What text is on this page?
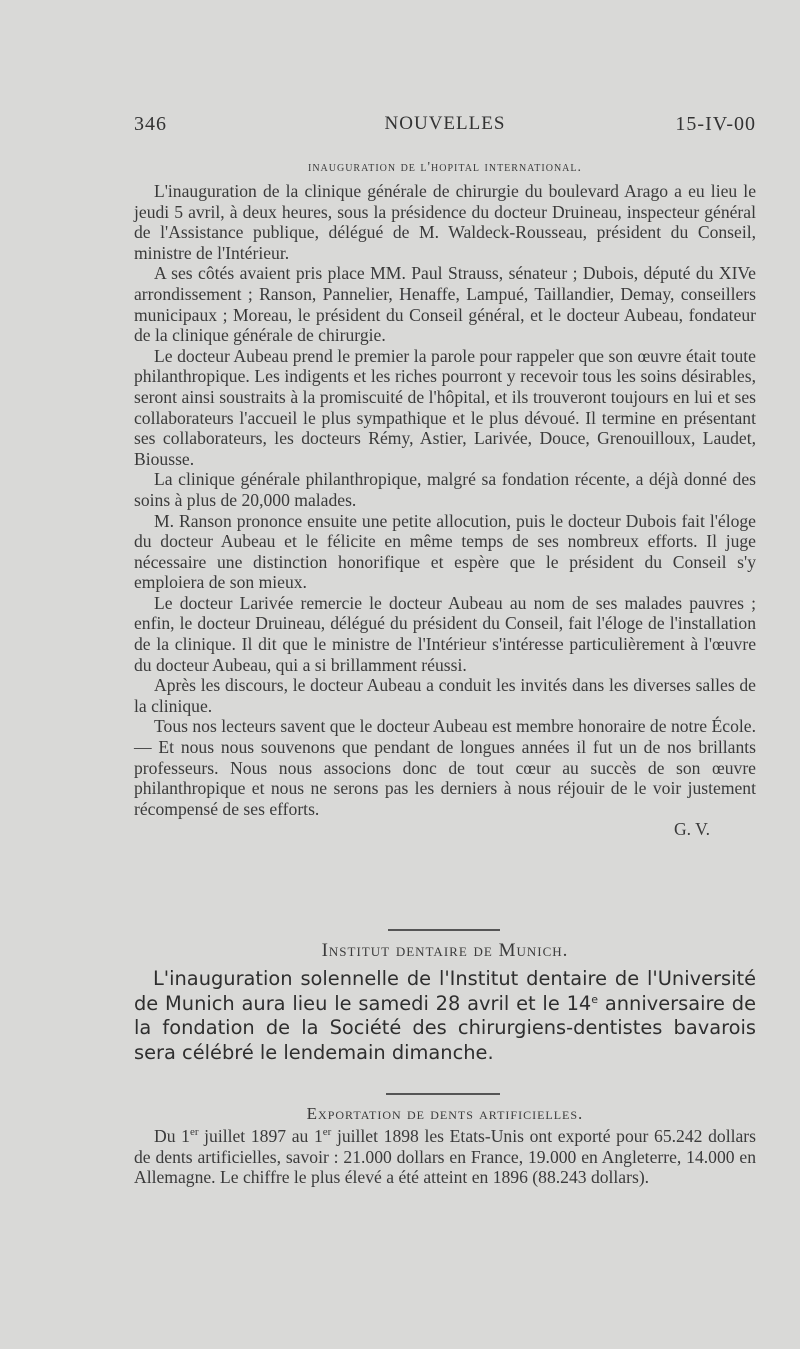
346	NOUVELLES	15-IV-00
inauguration de l'hopital international.

L'inauguration de la clinique générale de chirurgie du boulevard Arago a eu lieu le jeudi 5 avril, à deux heures, sous la présidence du docteur Druineau, inspecteur général de l'Assistance publique, délégué de M. Waldeck-Rousseau, président du Conseil, ministre de l'Intérieur.

A ses côtés avaient pris place MM. Paul Strauss, sénateur ; Dubois, député du XIVe arrondissement ; Ranson, Pannelier, Henaffe, Lampué, Taillandier, Demay, conseillers municipaux ; Moreau, le président du Conseil général, et le docteur Aubeau, fondateur de la clinique générale de chirurgie.

Le docteur Aubeau prend le premier la parole pour rappeler que son œuvre était toute philanthropique. Les indigents et les riches pourront y recevoir tous les soins désirables, seront ainsi soustraits à la promiscuité de l'hôpital, et ils trouveront toujours en lui et ses collaborateurs l'accueil le plus sympathique et le plus dévoué. Il termine en présentant ses collaborateurs, les docteurs Rémy, Astier, Larivée, Douce, Grenouilloux, Laudet, Biousse.

La clinique générale philanthropique, malgré sa fondation récente, a déjà donné des soins à plus de 20,000 malades.

M. Ranson prononce ensuite une petite allocution, puis le docteur Dubois fait l'éloge du docteur Aubeau et le félicite en même temps de ses nombreux efforts. Il juge nécessaire une distinction honorifique et espère que le président du Conseil s'y emploiera de son mieux.

Le docteur Larivée remercie le docteur Aubeau au nom de ses malades pauvres ; enfin, le docteur Druineau, délégué du président du Conseil, fait l'éloge de l'installation de la clinique. Il dit que le ministre de l'Intérieur s'intéresse particulièrement à l'œuvre du docteur Aubeau, qui a si brillamment réussi.

Après les discours, le docteur Aubeau a conduit les invités dans les diverses salles de la clinique.

Tous nos lecteurs savent que le docteur Aubeau est membre honoraire de notre École. — Et nous nous souvenons que pendant de longues années il fut un de nos brillants professeurs. Nous nous associons donc de tout cœur au succès de son œuvre philanthropique et nous ne serons pas les derniers à nous réjouir de le voir justement récompensé de ses efforts.

G. V.
Institut dentaire de Munich.

L'inauguration solennelle de l'Institut dentaire de l'Université de Munich aura lieu le samedi 28 avril et le 14e anniversaire de la fondation de la Société des chirurgiens-dentistes bavarois sera célébré le lendemain dimanche.

Exportation de dents artificielles.

Du 1er juillet 1897 au 1er juillet 1898 les Etats-Unis ont exporté pour 65.242 dollars de dents artificielles, savoir : 21.000 dollars en France, 19.000 en Angleterre, 14.000 en Allemagne. Le chiffre le plus élevé a été atteint en 1896 (88.243 dollars).
